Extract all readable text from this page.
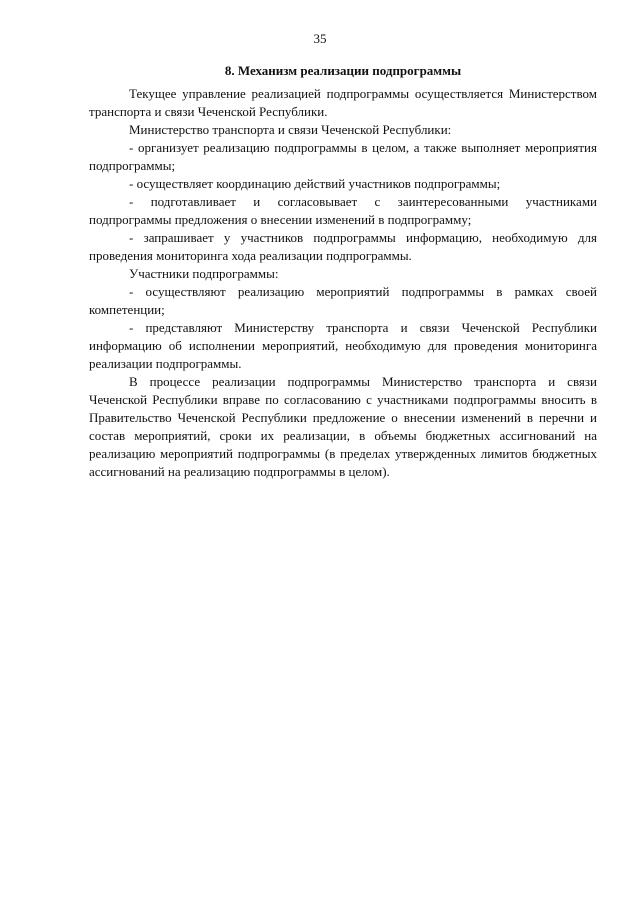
35
8. Механизм реализации подпрограммы

Текущее управление реализацией подпрограммы осуществляется Министерством транспорта и связи Чеченской Республики.

Министерство транспорта и связи Чеченской Республики:

- организует реализацию подпрограммы в целом, а также выполняет мероприятия подпрограммы;

- осуществляет координацию действий участников подпрограммы;

- подготавливает и согласовывает с заинтересованными участниками подпрограммы предложения о внесении изменений в подпрограмму;

- запрашивает у участников подпрограммы информацию, необходимую для проведения мониторинга хода реализации подпрограммы.

Участники подпрограммы:

- осуществляют реализацию мероприятий подпрограммы в рамках своей компетенции;

- представляют Министерству транспорта и связи Чеченской Республики информацию об исполнении мероприятий, необходимую для проведения мониторинга реализации подпрограммы.

В процессе реализации подпрограммы Министерство транспорта и связи Чеченской Республики вправе по согласованию с участниками подпрограммы вносить в Правительство Чеченской Республики предложение о внесении изменений в перечни и состав мероприятий, сроки их реализации, в объемы бюджетных ассигнований на реализацию мероприятий подпрограммы (в пределах утвержденных лимитов бюджетных ассигнований на реализацию подпрограммы в целом).
